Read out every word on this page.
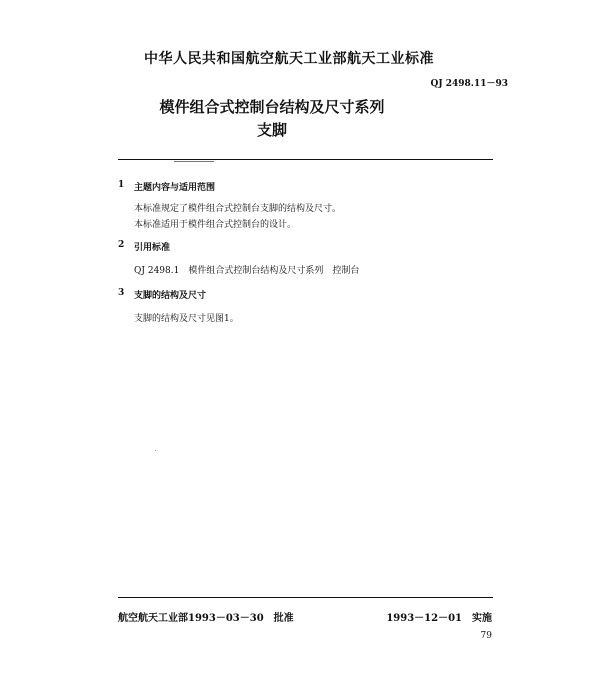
中华人民共和国航空航天工业部航天工业标准
QJ 2498.11－93
模件组合式控制台结构及尺寸系列
支脚
1 主题内容与适用范围
本标准规定了模件组合式控制台支脚的结构及尺寸。
本标准适用于模件组合式控制台的设计。
2 引用标准
QJ 2498.1　模件组合式控制台结构及尺寸系列　控制台
3 支脚的结构及尺寸
支脚的结构及尺寸见图1。
航空航天工业部1993－03－30　批准	1993－12－01　实施
79
